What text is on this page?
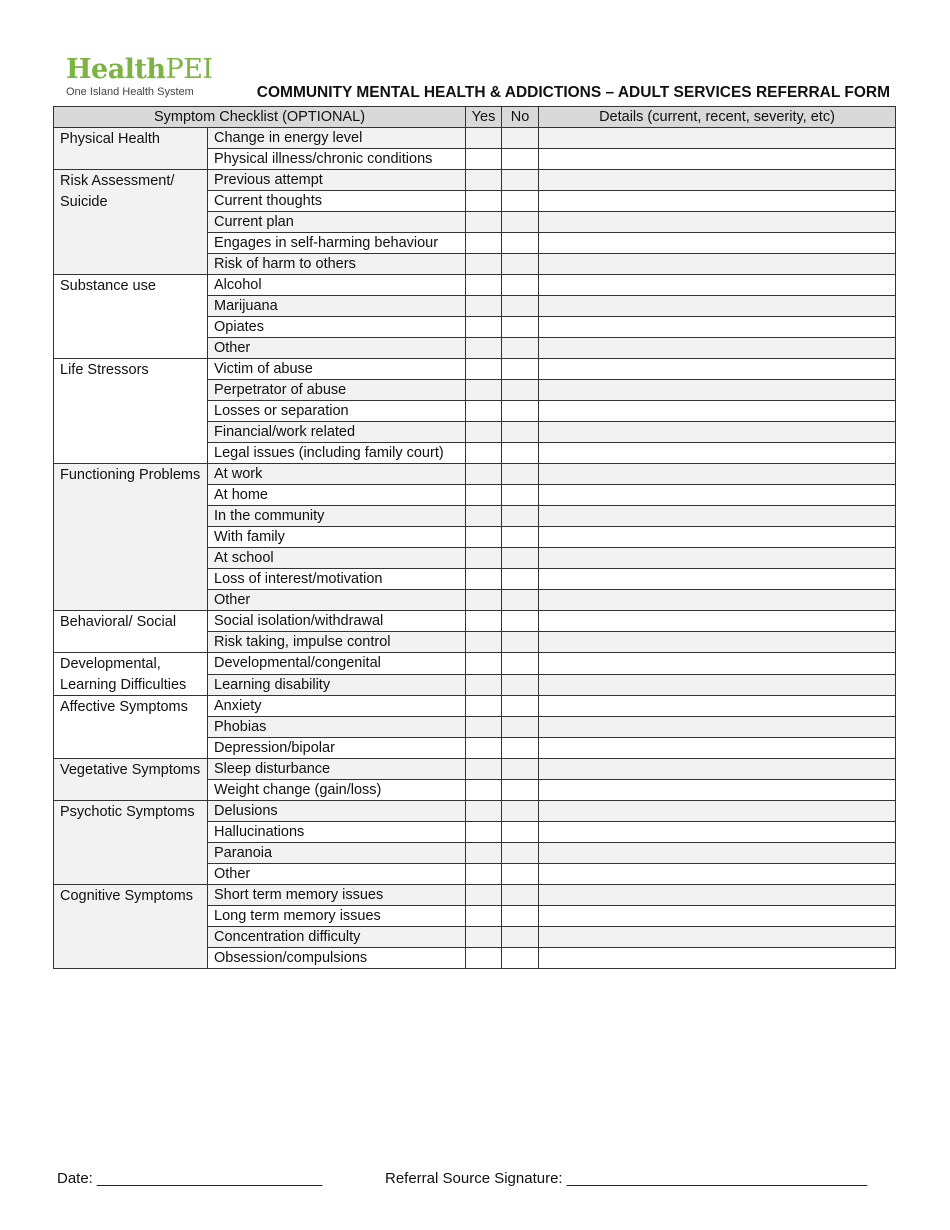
HealthPEI
One Island Health System	COMMUNITY MENTAL HEALTH & ADDICTIONS – ADULT SERVICES REFERRAL FORM
Symptom Checklist (OPTIONAL)		Yes	No	Details (current, recent, severity, etc)
Physical Health	Change in energy level			
	Physical illness/chronic conditions			
Risk Assessment/ Suicide	Previous attempt			
	Current thoughts			
	Current plan			
	Engages in self-harming behaviour			
	Risk of harm to others			
Substance use	Alcohol			
	Marijuana			
	Opiates			
	Other			
Life Stressors	Victim of abuse			
	Perpetrator of abuse			
	Losses or separation			
	Financial/work related			
	Legal issues (including family court)			
Functioning Problems	At work			
	At home			
	In the community			
	With family			
	At school			
	Loss of interest/motivation			
	Other			
Behavioral/ Social	Social isolation/withdrawal			
	Risk taking, impulse control			
Developmental, Learning Difficulties	Developmental/congenital			
	Learning disability			
Affective Symptoms	Anxiety			
	Phobias			
	Depression/bipolar			
Vegetative Symptoms	Sleep disturbance			
	Weight change (gain/loss)			
Psychotic Symptoms	Delusions			
	Hallucinations			
	Paranoia			
	Other			
Cognitive Symptoms	Short term memory issues			
	Long term memory issues			
	Concentration difficulty			
	Obsession/compulsions			
Date: ___________________________	Referral Source Signature: ____________________________________
